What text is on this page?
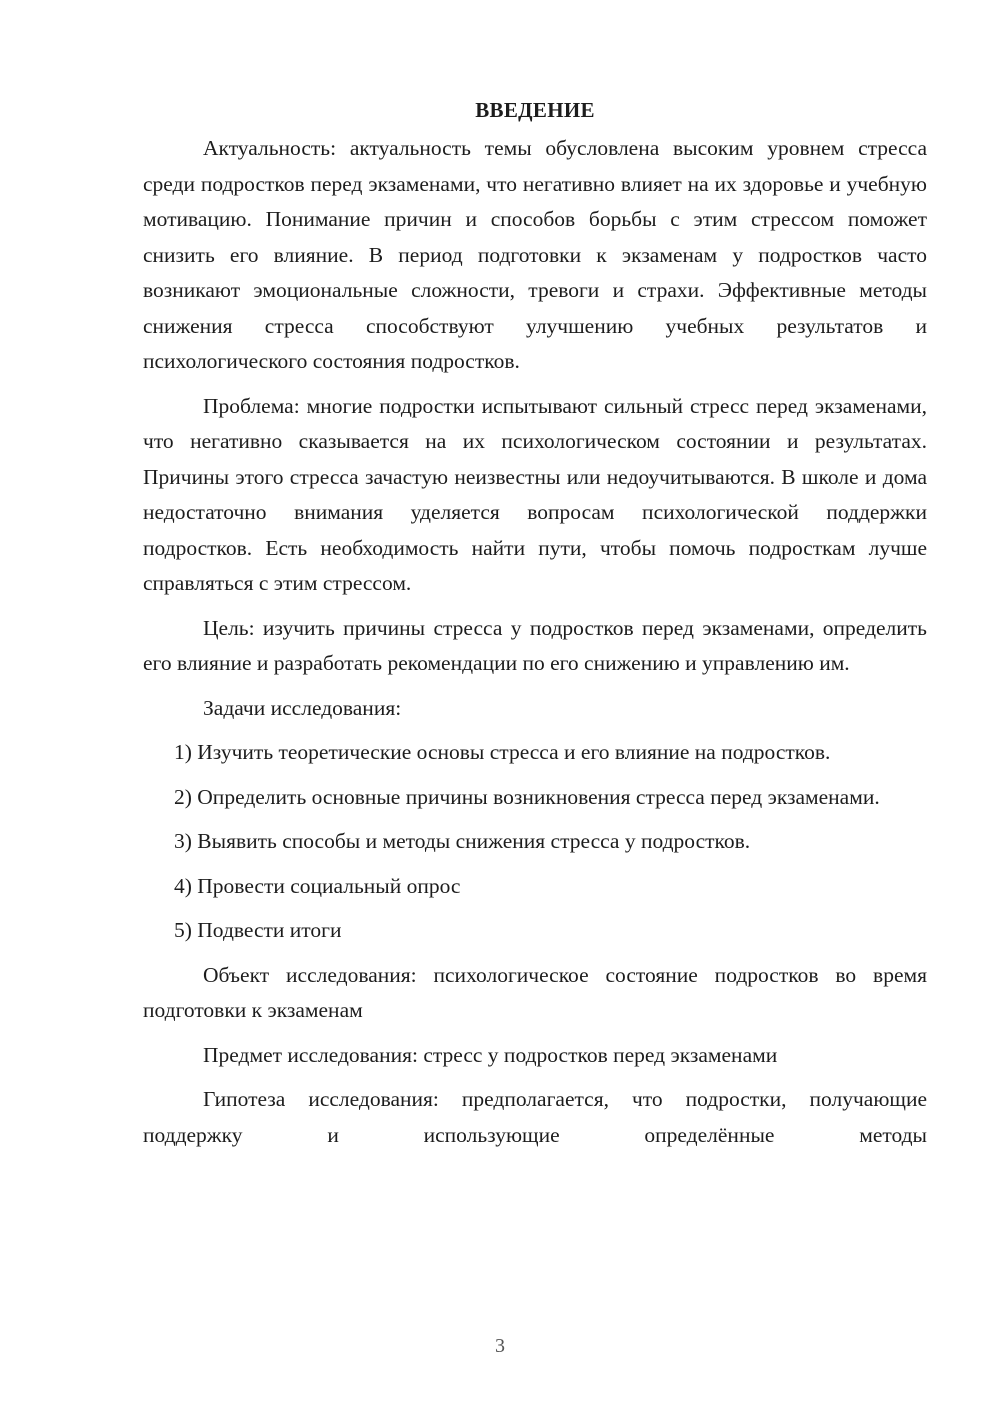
ВВЕДЕНИЕ

Актуальность: актуальность темы обусловлена высоким уровнем стресса среди подростков перед экзаменами, что негативно влияет на их здоровье и учебную мотивацию. Понимание причин и способов борьбы с этим стрессом поможет снизить его влияние. В период подготовки к экзаменам у подростков часто возникают эмоциональные сложности, тревоги и страхи. Эффективные методы снижения стресса способствуют улучшению учебных результатов и психологического состояния подростков.

Проблема: многие подростки испытывают сильный стресс перед экзаменами, что негативно сказывается на их психологическом состоянии и результатах. Причины этого стресса зачастую неизвестны или недоучитываются. В школе и дома недостаточно внимания уделяется вопросам психологической поддержки подростков. Есть необходимость найти пути, чтобы помочь подросткам лучше справляться с этим стрессом.

Цель: изучить причины стресса у подростков перед экзаменами, определить его влияние и разработать рекомендации по его снижению и управлению им.

Задачи исследования:

1) Изучить теоретические основы стресса и его влияние на подростков.

2) Определить основные причины возникновения стресса перед экзаменами.

3) Выявить способы и методы снижения стресса у подростков.

4) Провести социальный опрос

5) Подвести итоги

Объект исследования: психологическое состояние подростков во время подготовки к экзаменам

Предмет исследования: стресс у подростков перед экзаменами

Гипотеза исследования: предполагается, что подростки, получающие поддержку и использующие определённые методы

3
